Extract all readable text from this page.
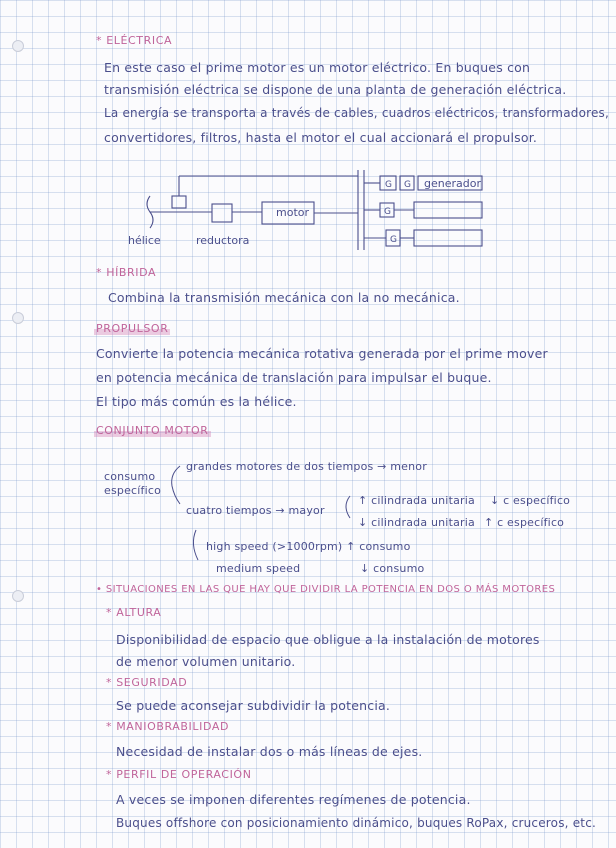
* ELÉCTRICA
En este caso el prime motor es un motor eléctrico. En buques con
transmisión eléctrica se dispone de una planta de generación eléctrica.
La energía se transporta a través de cables, cuadros eléctricos, transformadores,
convertidores, filtros, hasta el motor el cual accionará el propulsor.
G G
G
G
hélice	reductora
motor
generador
* HÍBRIDA
Combina la transmisión mecánica con la no mecánica.
PROPULSOR
Convierte la potencia mecánica rotativa generada por el prime mover
en potencia mecánica de translación para impulsar el buque.
El tipo más común es la hélice.
CONJUNTO MOTOR
consumo
específico
grandes motores de dos tiempos → menor
cuatro tiempos → mayor
↑ cilindrada unitaria ↓ c específico
↓ cilindrada unitaria ↑ c específico
high speed (>1000rpm) ↑ consumo
medium speed	↓ consumo
• SITUACIONES EN LAS QUE HAY QUE DIVIDIR LA POTENCIA EN DOS O MÁS MOTORES
* ALTURA
Disponibilidad de espacio que obligue a la instalación de motores
de menor volumen unitario.
* SEGURIDAD
Se puede aconsejar subdividir la potencia.
* MANIOBRABILIDAD
Necesidad de instalar dos o más líneas de ejes.
* PERFIL DE OPERACIÓN
A veces se imponen diferentes regímenes de potencia.
Buques offshore con posicionamiento dinámico, buques RoPax, cruceros, etc.
